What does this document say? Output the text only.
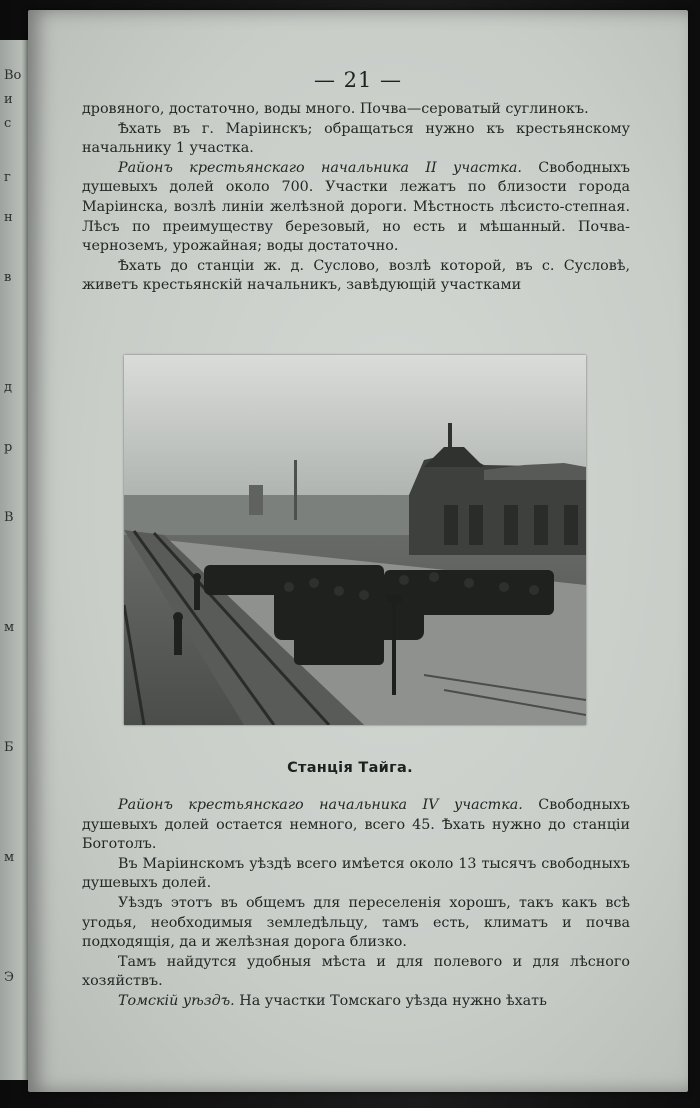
Во
и
с
г
н
в
д
р
В
м
Б
м
Э
— 21 —

дровяного, достаточно, воды много. Почва—сероватый суглинокъ.

Ѣхать въ г. Маріинскъ; обращаться нужно къ крестьянскому начальнику 1 участка.

Районъ крестьянскаго начальника II участка. Свободныхъ душевыхъ долей около 700. Участки лежатъ по близости города Маріинска, возлѣ линіи желѣзной дороги. Мѣстность лѣсисто-степная. Лѣсъ по преимуществу березовый, но есть и мѣшанный. Почва-черноземъ, урожайная; воды достаточно.

Ѣхать до станціи ж. д. Суслово, возлѣ которой, въ с. Сусловѣ, живетъ крестьянскій начальникъ, завѣдующій участками

Станція Тайга.

Районъ крестьянскаго начальника IV участка. Свободныхъ душевыхъ долей остается немного, всего 45. Ѣхать нужно до станціи Боготолъ.

Въ Маріинскомъ уѣздѣ всего имѣется около 13 тысячъ свободныхъ душевыхъ долей.

Уѣздъ этотъ въ общемъ для переселенія хорошъ, такъ какъ всѣ угодья, необходимыя земледѣльцу, тамъ есть, климатъ и почва подходящія, да и желѣзная дорога близко.

Тамъ найдутся удобныя мѣста и для полевого и для лѣсного хозяйствъ.

Томскій уѣздъ. На участки Томскаго уѣзда нужно ѣхать
